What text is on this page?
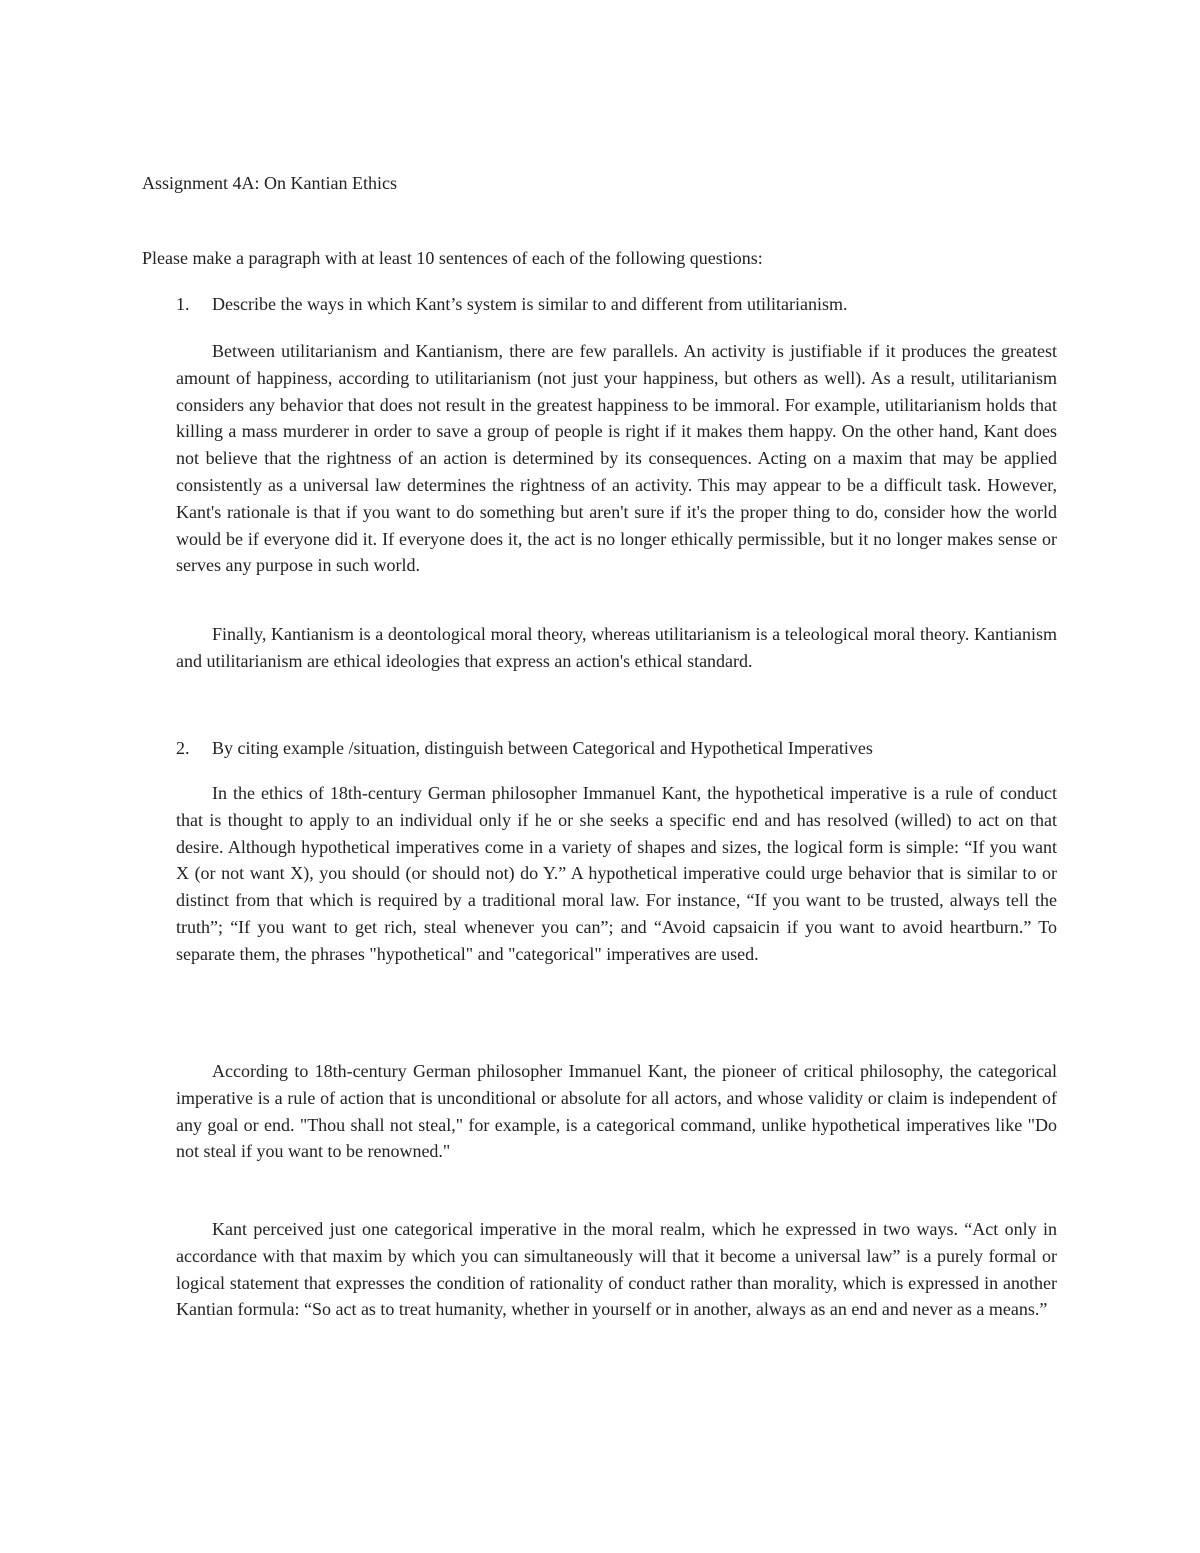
Assignment 4A: On Kantian Ethics
Please make a paragraph with at least 10 sentences of each of the following questions:
1. Describe the ways in which Kant’s system is similar to and different from utilitarianism.

Between utilitarianism and Kantianism, there are few parallels. An activity is justifiable if it produces the greatest amount of happiness, according to utilitarianism (not just your happiness, but others as well). As a result, utilitarianism considers any behavior that does not result in the greatest happiness to be immoral. For example, utilitarianism holds that killing a mass murderer in order to save a group of people is right if it makes them happy. On the other hand, Kant does not believe that the rightness of an action is determined by its consequences. Acting on a maxim that may be applied consistently as a universal law determines the rightness of an activity. This may appear to be a difficult task. However, Kant's rationale is that if you want to do something but aren't sure if it's the proper thing to do, consider how the world would be if everyone did it. If everyone does it, the act is no longer ethically permissible, but it no longer makes sense or serves any purpose in such world.

Finally, Kantianism is a deontological moral theory, whereas utilitarianism is a teleological moral theory. Kantianism and utilitarianism are ethical ideologies that express an action's ethical standard.

2. By citing example /situation, distinguish between Categorical and Hypothetical Imperatives

In the ethics of 18th-century German philosopher Immanuel Kant, the hypothetical imperative is a rule of conduct that is thought to apply to an individual only if he or she seeks a specific end and has resolved (willed) to act on that desire. Although hypothetical imperatives come in a variety of shapes and sizes, the logical form is simple: “If you want X (or not want X), you should (or should not) do Y.” A hypothetical imperative could urge behavior that is similar to or distinct from that which is required by a traditional moral law. For instance, “If you want to be trusted, always tell the truth”; “If you want to get rich, steal whenever you can”; and “Avoid capsaicin if you want to avoid heartburn.” To separate them, the phrases "hypothetical" and "categorical" imperatives are used.

According to 18th-century German philosopher Immanuel Kant, the pioneer of critical philosophy, the categorical imperative is a rule of action that is unconditional or absolute for all actors, and whose validity or claim is independent of any goal or end. "Thou shall not steal," for example, is a categorical command, unlike hypothetical imperatives like "Do not steal if you want to be renowned."

Kant perceived just one categorical imperative in the moral realm, which he expressed in two ways. “Act only in accordance with that maxim by which you can simultaneously will that it become a universal law” is a purely formal or logical statement that expresses the condition of rationality of conduct rather than morality, which is expressed in another Kantian formula: “So act as to treat humanity, whether in yourself or in another, always as an end and never as a means.”
